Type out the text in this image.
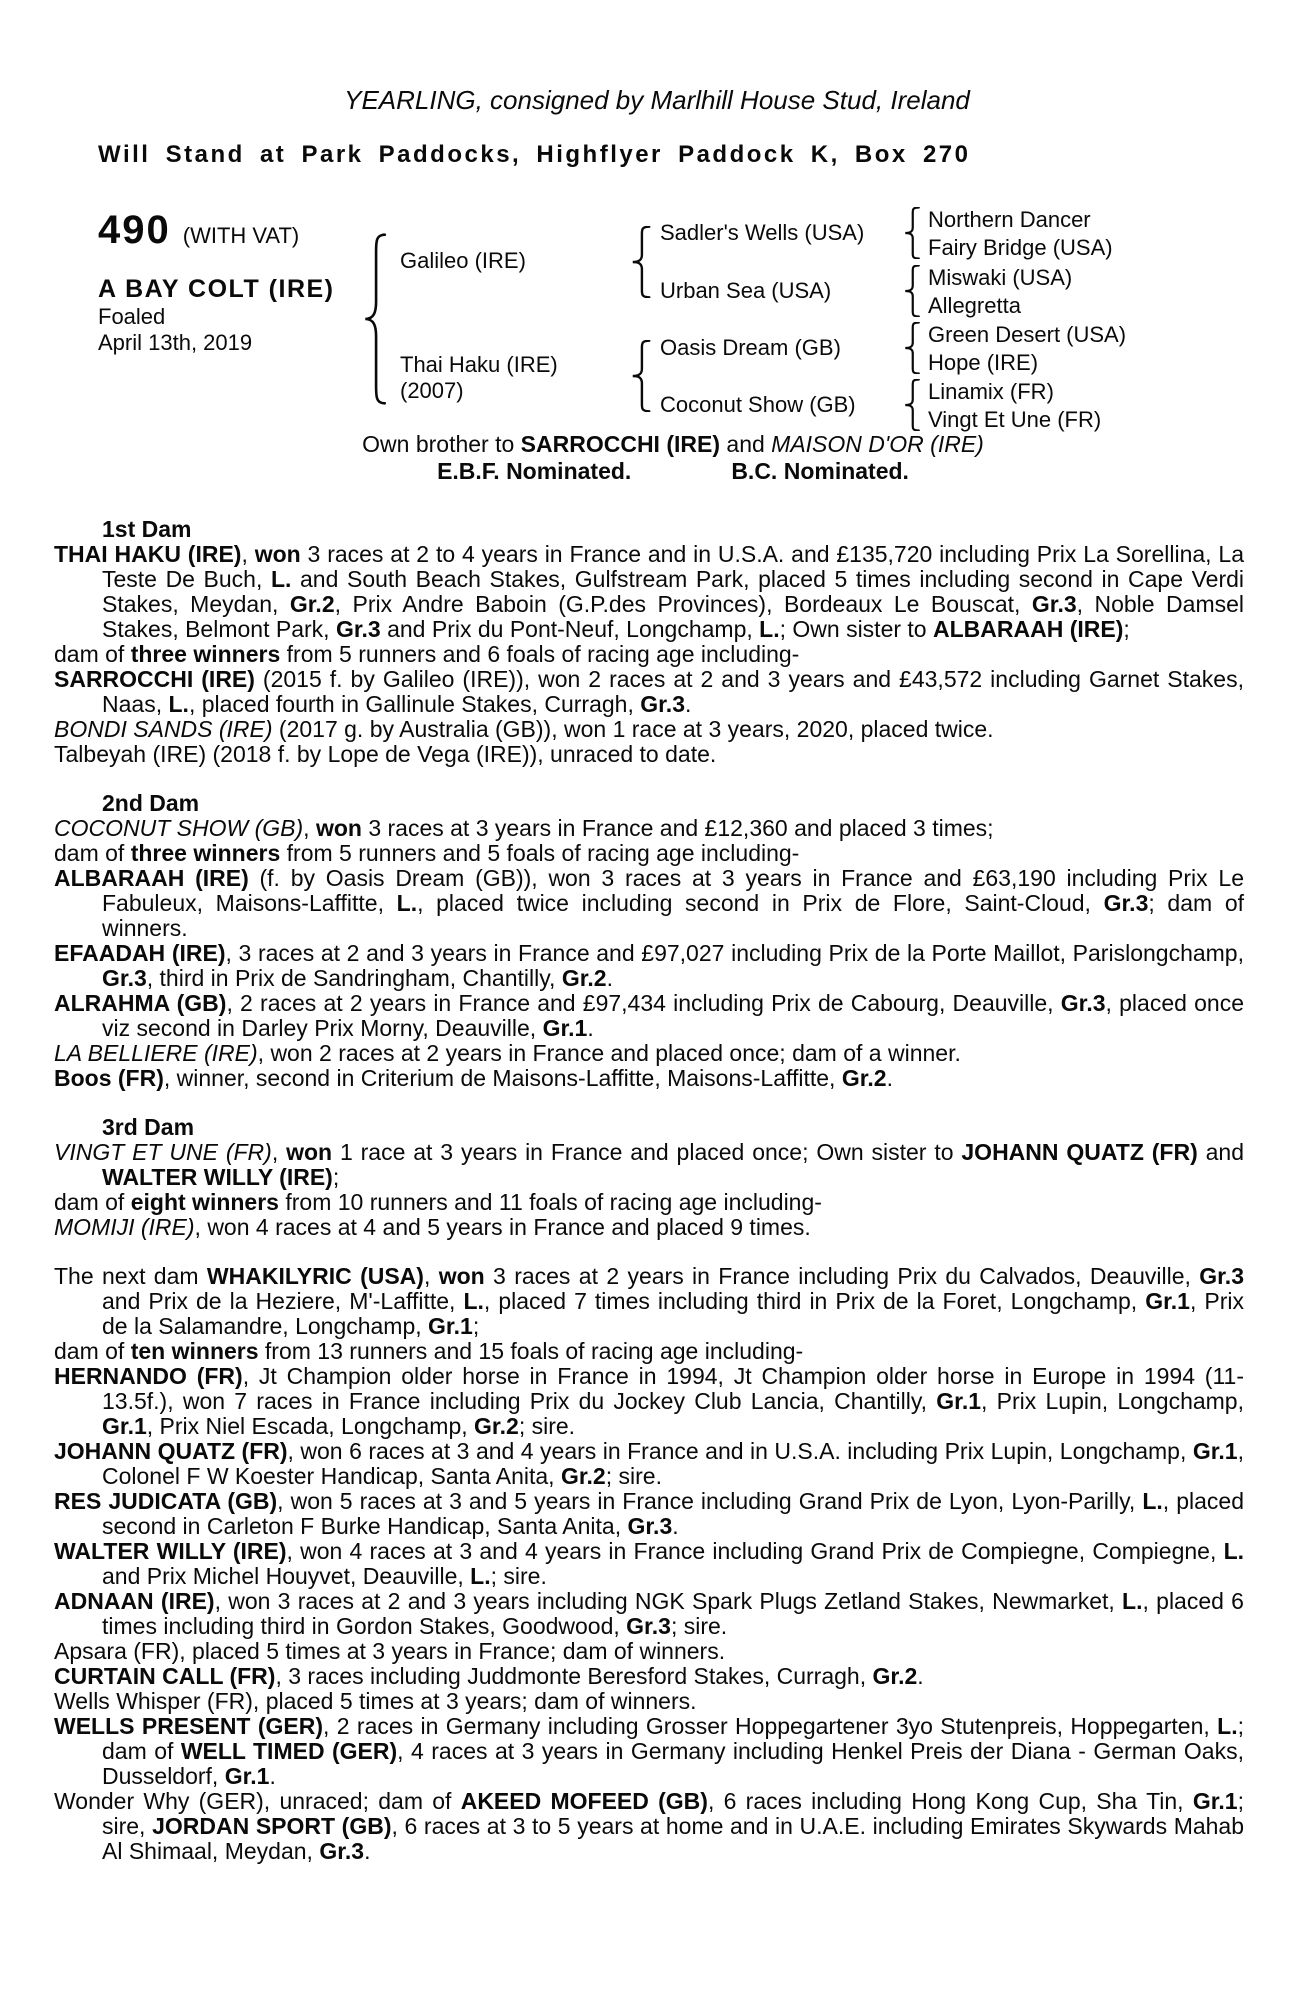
YEARLING, consigned by Marlhill House Stud, Ireland
Will Stand at Park Paddocks, Highflyer Paddock K, Box 270
490 (WITH VAT)
A BAY COLT (IRE)
Foaled
April 13th, 2019
Galileo (IRE)
Thai Haku (IRE)
(2007)
Sadler's Wells (USA)
Urban Sea (USA)
Oasis Dream (GB)
Coconut Show (GB)
Northern Dancer
Fairy Bridge (USA)
Miswaki (USA)
Allegretta
Green Desert (USA)
Hope (IRE)
Linamix (FR)
Vingt Et Une (FR)
Own brother to SARROCCHI (IRE) and MAISON D'OR (IRE)
E.B.F. Nominated.	B.C. Nominated.
1st Dam

THAI HAKU (IRE), won 3 races at 2 to 4 years in France and in U.S.A. and £135,720 including Prix La Sorellina, La Teste De Buch, L. and South Beach Stakes, Gulfstream Park, placed 5 times including second in Cape Verdi Stakes, Meydan, Gr.2, Prix Andre Baboin (G.P.des Provinces), Bordeaux Le Bouscat, Gr.3, Noble Damsel Stakes, Belmont Park, Gr.3 and Prix du Pont-Neuf, Longchamp, L.; Own sister to ALBARAAH (IRE);

dam of three winners from 5 runners and 6 foals of racing age including-

SARROCCHI (IRE) (2015 f. by Galileo (IRE)), won 2 races at 2 and 3 years and £43,572 including Garnet Stakes, Naas, L., placed fourth in Gallinule Stakes, Curragh, Gr.3.

BONDI SANDS (IRE) (2017 g. by Australia (GB)), won 1 race at 3 years, 2020, placed twice.

Talbeyah (IRE) (2018 f. by Lope de Vega (IRE)), unraced to date.

2nd Dam

COCONUT SHOW (GB), won 3 races at 3 years in France and £12,360 and placed 3 times;

dam of three winners from 5 runners and 5 foals of racing age including-

ALBARAAH (IRE) (f. by Oasis Dream (GB)), won 3 races at 3 years in France and £63,190 including Prix Le Fabuleux, Maisons-Laffitte, L., placed twice including second in Prix de Flore, Saint-Cloud, Gr.3; dam of winners.

EFAADAH (IRE), 3 races at 2 and 3 years in France and £97,027 including Prix de la Porte Maillot, Parislongchamp, Gr.3, third in Prix de Sandringham, Chantilly, Gr.2.

ALRAHMA (GB), 2 races at 2 years in France and £97,434 including Prix de Cabourg, Deauville, Gr.3, placed once viz second in Darley Prix Morny, Deauville, Gr.1.

LA BELLIERE (IRE), won 2 races at 2 years in France and placed once; dam of a winner.

Boos (FR), winner, second in Criterium de Maisons-Laffitte, Maisons-Laffitte, Gr.2.

3rd Dam

VINGT ET UNE (FR), won 1 race at 3 years in France and placed once; Own sister to JOHANN QUATZ (FR) and WALTER WILLY (IRE);

dam of eight winners from 10 runners and 11 foals of racing age including-

MOMIJI (IRE), won 4 races at 4 and 5 years in France and placed 9 times.

The next dam WHAKILYRIC (USA), won 3 races at 2 years in France including Prix du Calvados, Deauville, Gr.3 and Prix de la Heziere, M'-Laffitte, L., placed 7 times including third in Prix de la Foret, Longchamp, Gr.1, Prix de la Salamandre, Longchamp, Gr.1;

dam of ten winners from 13 runners and 15 foals of racing age including-

HERNANDO (FR), Jt Champion older horse in France in 1994, Jt Champion older horse in Europe in 1994 (11-13.5f.), won 7 races in France including Prix du Jockey Club Lancia, Chantilly, Gr.1, Prix Lupin, Longchamp, Gr.1, Prix Niel Escada, Longchamp, Gr.2; sire.

JOHANN QUATZ (FR), won 6 races at 3 and 4 years in France and in U.S.A. including Prix Lupin, Longchamp, Gr.1, Colonel F W Koester Handicap, Santa Anita, Gr.2; sire.

RES JUDICATA (GB), won 5 races at 3 and 5 years in France including Grand Prix de Lyon, Lyon-Parilly, L., placed second in Carleton F Burke Handicap, Santa Anita, Gr.3.

WALTER WILLY (IRE), won 4 races at 3 and 4 years in France including Grand Prix de Compiegne, Compiegne, L. and Prix Michel Houyvet, Deauville, L.; sire.

ADNAAN (IRE), won 3 races at 2 and 3 years including NGK Spark Plugs Zetland Stakes, Newmarket, L., placed 6 times including third in Gordon Stakes, Goodwood, Gr.3; sire.

Apsara (FR), placed 5 times at 3 years in France; dam of winners.

CURTAIN CALL (FR), 3 races including Juddmonte Beresford Stakes, Curragh, Gr.2.

Wells Whisper (FR), placed 5 times at 3 years; dam of winners.

WELLS PRESENT (GER), 2 races in Germany including Grosser Hoppegartener 3yo Stutenpreis, Hoppegarten, L.; dam of WELL TIMED (GER), 4 races at 3 years in Germany including Henkel Preis der Diana - German Oaks, Dusseldorf, Gr.1.

Wonder Why (GER), unraced; dam of AKEED MOFEED (GB), 6 races including Hong Kong Cup, Sha Tin, Gr.1; sire, JORDAN SPORT (GB), 6 races at 3 to 5 years at home and in U.A.E. including Emirates Skywards Mahab Al Shimaal, Meydan, Gr.3.
